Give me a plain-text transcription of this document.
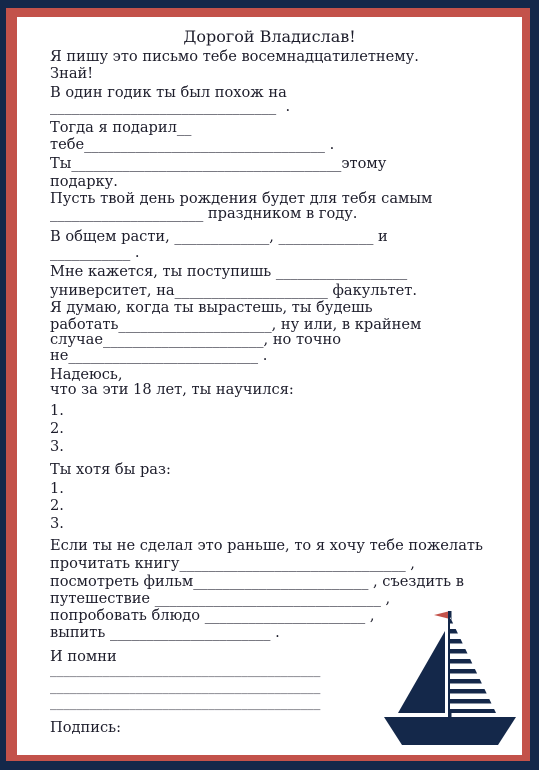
Дорогой Владислав!
Я пишу это письмо тебе восемнадцатилетнему.
Знай!
В один годик ты был похож на
_______________________________  .
Тогда я подарил__
тебе_________________________________ .
Ты_____________________________________этому
подарку.
Пусть твой день рождения будет для тебя самым
_____________________ праздником в году.
В общем расти, _____________, _____________ и
___________ .
Мне кажется, ты поступишь __________________
университет, на_____________________ факультет.
Я думаю, когда ты вырастешь, ты будешь
работать_____________________, ну или, в крайнем
случае______________________, но точно
не__________________________ .
Надеюсь,
что за эти 18 лет, ты научился:
1.
2.
3.
Ты хотя бы раз:
1.
2.
3.
Если ты не сделал это раньше, то я хочу тебе пожелать
прочитать книгу_______________________________ ,
посмотреть фильм________________________ , съездить в
путешествие _______________________________ ,
попробовать блюдо ______________________ ,
выпить ______________________ .
И помни
_________________________________________
_________________________________________
_________________________________________
Подпись:
